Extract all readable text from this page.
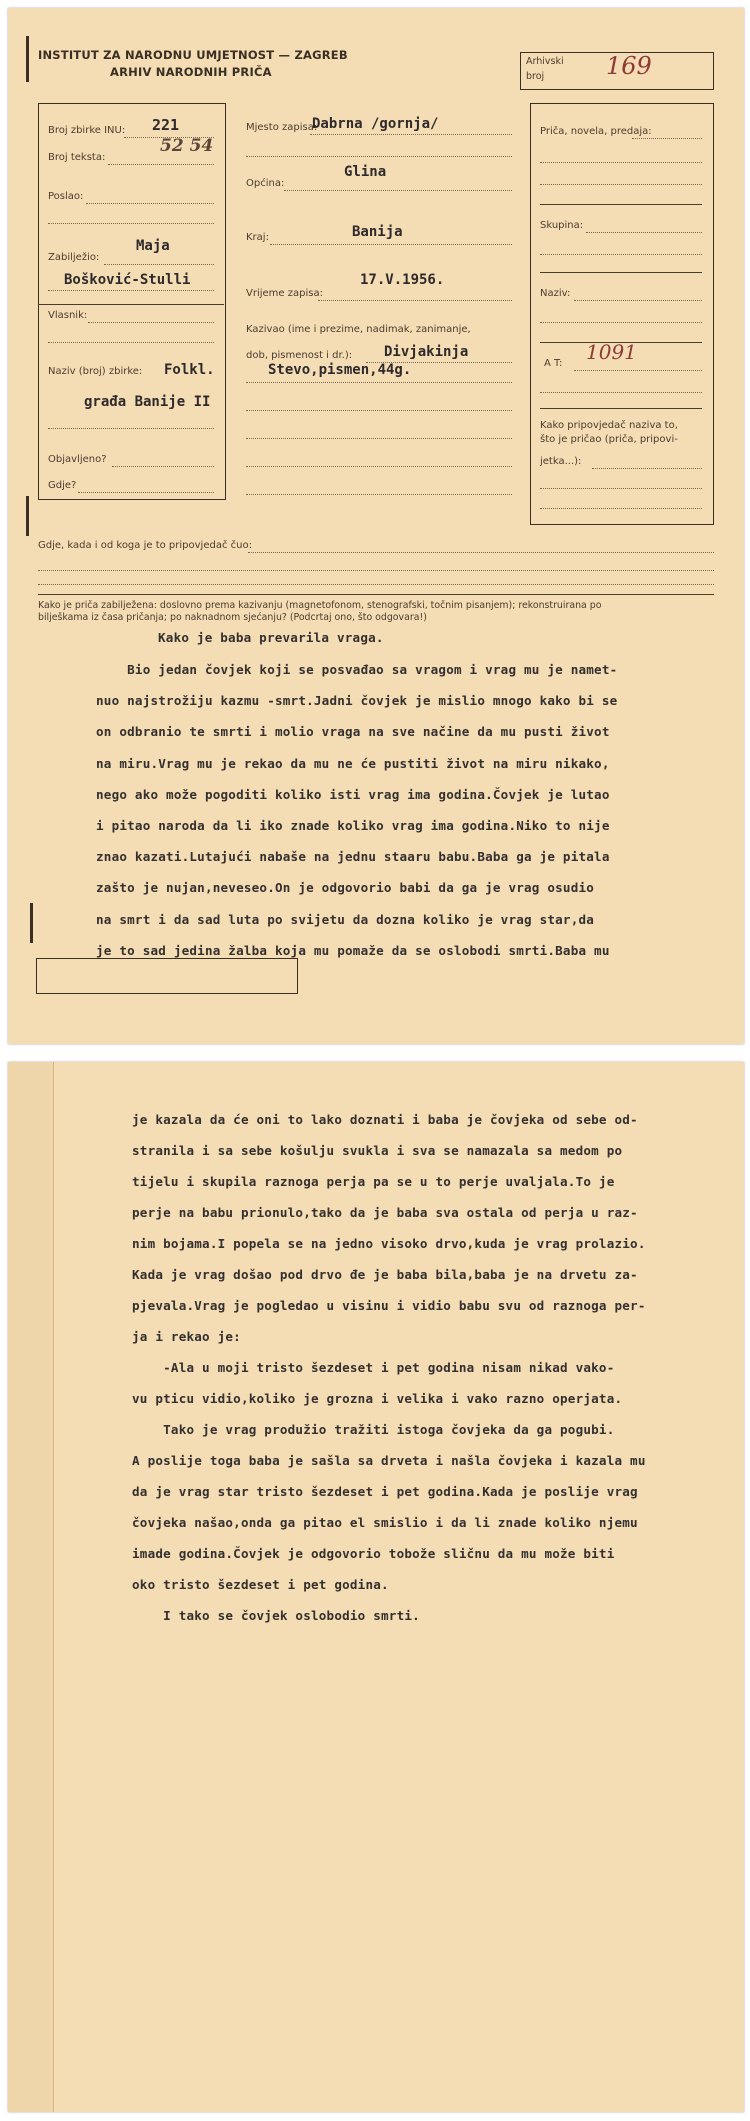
INSTITUT ZA NARODNU UMJETNOST — ZAGREB
ARHIV NARODNIH PRIČA
Arhivski
broj	169
Broj zbirke INU: 221
Broj teksta:
52 54
Poslao:
Maja
Zabilježio:
Bošković-Stulli
Vlasnik:
Naziv (broj) zbirke: Folkl.
građa Banije II
Objavljeno?
Gdje?
Mjesto zapisa:
Dabrna /gornja/
Glina
Općina:
Kraj:	Banija
17.V.1956.
Vrijeme zapisa:
Kazivao (ime i prezime, nadimak, zanimanje,
dob, pismenost i dr.): Divjakinja
Stevo,pismen,44g.
Priča, novela, predaja:
Skupina:
Naziv:
A T: 1091
Kako pripovjedač naziva to,
što je pričao (priča, pripovi-
jetka...):
Gdje, kada i od koga je to pripovjedač čuo:
Kako je priča zabilježena: doslovno prema kazivanju (magnetofonom, stenografski, točnim pisanjem); rekonstruirana po
bilješkama iz časa pričanja; po naknadnom sjećanju? (Podcrtaj ono, što odgovara!)
Kako je baba prevarila vraga.
Bio jedan čovjek koji se posvađao sa vragom i vrag mu je namet-
nuo najstrožiju kazmu -smrt.Jadni čovjek je mislio mnogo kako bi se
on odbranio te smrti i molio vraga na sve načine da mu pusti život
na miru.Vrag mu je rekao da mu ne će pustiti život na miru nikako,
nego ako može pogoditi koliko isti vrag ima godina.Čovjek je lutao
i pitao naroda da li iko znade koliko vrag ima godina.Niko to nije
znao kazati.Lutajući nabaše na jednu staaru babu.Baba ga je pitala
zašto je nujan,neveseo.On je odgovorio babi da ga je vrag osudio
na smrt i da sad luta po svijetu da dozna koliko je vrag star,da
je to sad jedina žalba koja mu pomaže da se oslobodi smrti.Baba mu
je kazala da će oni to lako doznati i baba je čovjeka od sebe od-
stranila i sa sebe košulju svukla i sva se namazala sa medom po
tijelu i skupila raznoga perja pa se u to perje uvaljala.To je
perje na babu prionulo,tako da je baba sva ostala od perja u raz-
nim bojama.I popela se na jedno visoko drvo,kuda je vrag prolazio.
Kada je vrag došao pod drvo đe je baba bila,baba je na drvetu za-
pjevala.Vrag je pogledao u visinu i vidio babu svu od raznoga per-
ja i rekao je:
-Ala u moji tristo šezdeset i pet godina nisam nikad vako-
vu pticu vidio,koliko je grozna i velika i vako razno operjata.
Tako je vrag produžio tražiti istoga čovjeka da ga pogubi.
A poslije toga baba je sašla sa drveta i našla čovjeka i kazala mu
da je vrag star tristo šezdeset i pet godina.Kada je poslije vrag
čovjeka našao,onda ga pitao el smislio i da li znade koliko njemu
imade godina.Čovjek je odgovorio tobože sličnu da mu može biti
oko tristo šezdeset i pet godina.
I tako se čovjek oslobodio smrti.
